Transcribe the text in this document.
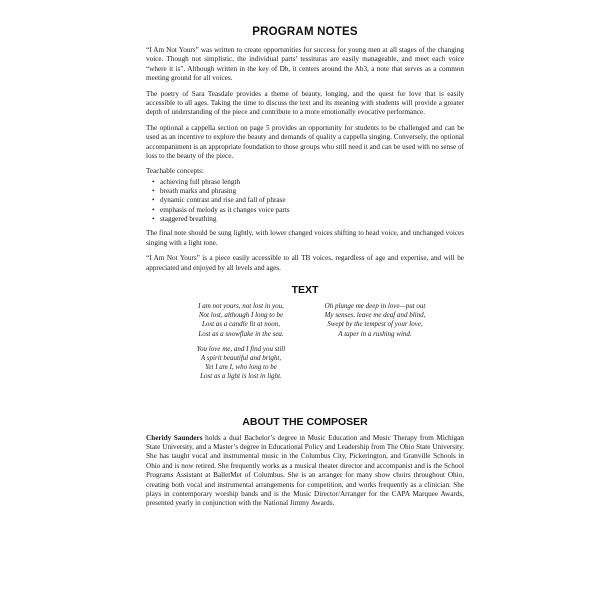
PROGRAM NOTES

“I Am Not Yours” was written to create opportunities for success for young men at all stages of the changing voice. Though not simplistic, the individual parts’ tessituras are easily manageable, and meet each voice “where it is”. Although written in the key of Db, it centers around the Ab3, a note that serves as a common meeting ground for all voices.

The poetry of Sara Teasdale provides a theme of beauty, longing, and the quest for love that is easily accessible to all ages. Taking the time to discuss the text and its meaning with students will provide a greater depth of understanding of the piece and contribute to a more emotionally evocative performance.

The optional a cappella section on page 5 provides an opportunity for students to be challenged and can be used as an incentive to explore the beauty and demands of quality a cappella singing. Conversely, the optional accompaniment is an appropriate foundation to those groups who still need it and can be used with no sense of loss to the beauty of the piece.

Teachable concepts:

• achieving full phrase length
• breath marks and phrasing
• dynamic contrast and rise and fall of phrase
• emphasis of melody as it changes voice parts
• staggered breathing

The final note should be sung lightly, with lower changed voices shifting to head voice, and unchanged voices singing with a light tone.

“I Am Not Yours” is a piece easily accessible to all TB voices, regardless of age and expertise, and will be appreciated and enjoyed by all levels and ages.

TEXT
I am not yours, not lost in you,
Not lost, although I long to be
Lost as a candle lit at noon,
Lost as a snowflake in the sea.
You love me, and I find you still
A spirit beautiful and bright,
Yet I am I, who long to be
Lost as a light is lost in light.
Oh plunge me deep in love—put out
My senses, leave me deaf and blind,
Swept by the tempest of your love,
A taper in a rushing wind.
ABOUT THE COMPOSER

Cheridy Saunders holds a dual Bachelor’s degree in Music Education and Music Therapy from Michigan State University, and a Master’s degree in Educational Policy and Leadership from The Ohio State University. She has taught vocal and instrumental music in the Columbus City, Pickerington, and Granville Schools in Ohio and is now retired. She frequently works as a musical theater director and accompanist and is the School Programs Assistant at BalletMet of Columbus. She is an arranger for many show choirs throughout Ohio, creating both vocal and instrumental arrangements for competition, and works frequently as a clinician. She plays in contemporary worship bands and is the Music Director/Arranger for the CAPA Marquee Awards, presented yearly in conjunction with the National Jimmy Awards.
